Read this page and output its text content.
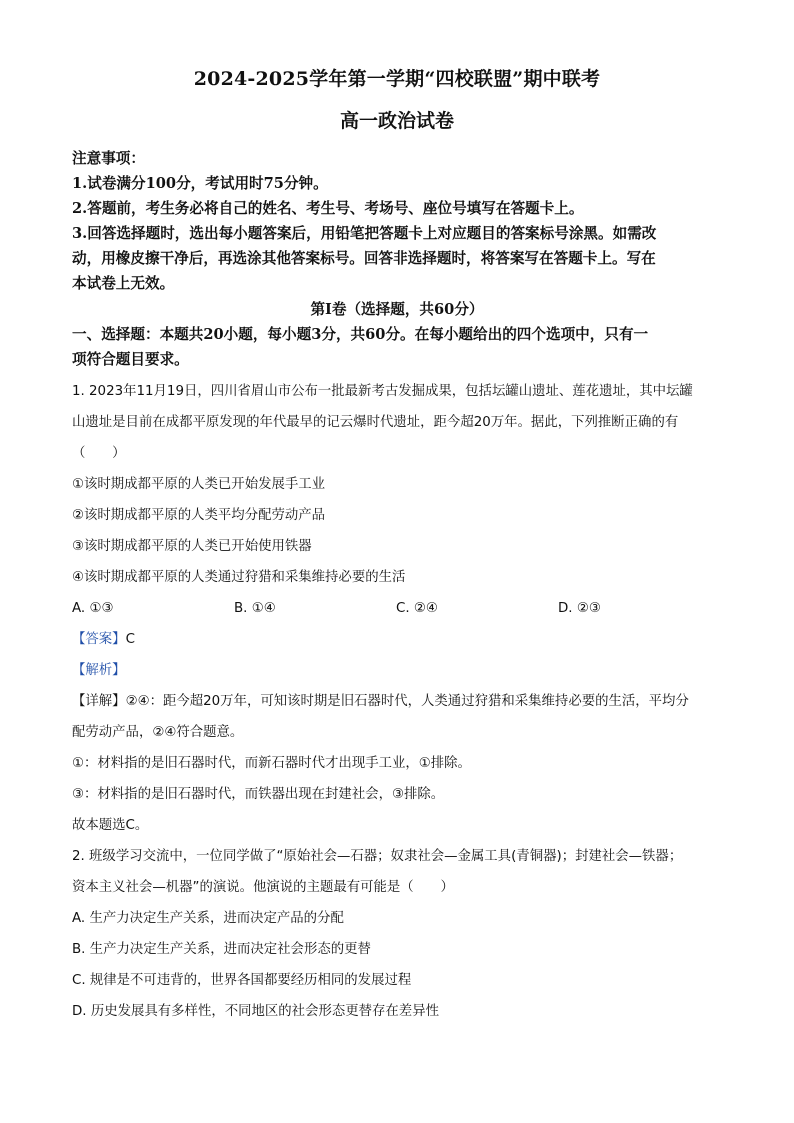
2024-2025学年第一学期“四校联盟”期中联考

高一政治试卷

注意事项：

1.试卷满分100分，考试用时75分钟。

2.答题前，考生务必将自己的姓名、考生号、考场号、座位号填写在答题卡上。

3.回答选择题时，选出每小题答案后，用铅笔把答题卡上对应题目的答案标号涂黑。如需改

动，用橡皮擦干净后，再选涂其他答案标号。回答非选择题时，将答案写在答题卡上。写在

本试卷上无效。

第Ⅰ卷（选择题，共60分）

一、选择题：本题共20小题，每小题3分，共60分。在每小题给出的四个选项中，只有一

项符合题目要求。

1. 2023年11月19日，四川省眉山市公布一批最新考古发掘成果，包括坛罐山遗址、莲花遗址，其中坛罐

山遗址是目前在成都平原发现的年代最早的记云爆时代遗址，距今超20万年。据此，下列推断正确的有

（　　）

①该时期成都平原的人类已开始发展手工业

②该时期成都平原的人类平均分配劳动产品

③该时期成都平原的人类已开始使用铁器

④该时期成都平原的人类通过狩猎和采集维持必要的生活

A. ①③	B. ①④	C. ②④	D. ②③

【答案】C

【解析】

【详解】②④：距今超20万年，可知该时期是旧石器时代，人类通过狩猎和采集维持必要的生活，平均分

配劳动产品，②④符合题意。

①：材料指的是旧石器时代，而新石器时代才出现手工业，①排除。

③：材料指的是旧石器时代，而铁器出现在封建社会，③排除。

故本题选C。

2. 班级学习交流中，一位同学做了“原始社会—石器；奴隶社会—金属工具(青铜器)；封建社会—铁器；

资本主义社会—机器”的演说。他演说的主题最有可能是（　　）

A. 生产力决定生产关系，进而决定产品的分配

B. 生产力决定生产关系，进而决定社会形态的更替

C. 规律是不可违背的，世界各国都要经历相同的发展过程

D. 历史发展具有多样性，不同地区的社会形态更替存在差异性
